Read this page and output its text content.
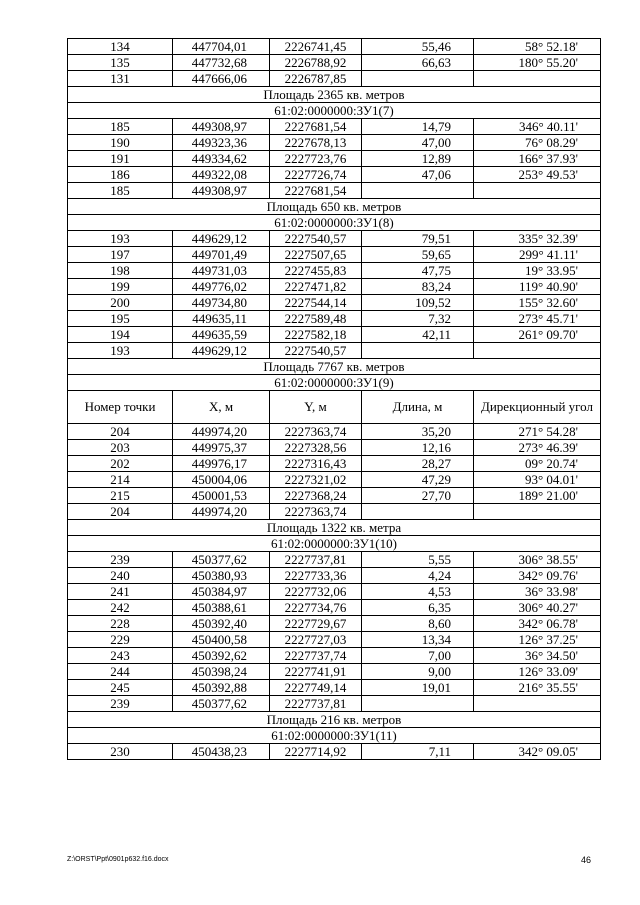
134	447704,01	2226741,45	55,46	58° 52.18'
135	447732,68	2226788,92	66,63	180° 55.20'
131	447666,06	2226787,85		
Площадь 2365 кв. метров				
61:02:0000000:ЗУ1(7)				
185	449308,97	2227681,54	14,79	346° 40.11'
190	449323,36	2227678,13	47,00	76° 08.29'
191	449334,62	2227723,76	12,89	166° 37.93'
186	449322,08	2227726,74	47,06	253° 49.53'
185	449308,97	2227681,54		
Площадь 650 кв. метров				
61:02:0000000:ЗУ1(8)				
193	449629,12	2227540,57	79,51	335° 32.39'
197	449701,49	2227507,65	59,65	299° 41.11'
198	449731,03	2227455,83	47,75	19° 33.95'
199	449776,02	2227471,82	83,24	119° 40.90'
200	449734,80	2227544,14	109,52	155° 32.60'
195	449635,11	2227589,48	7,32	273° 45.71'
194	449635,59	2227582,18	42,11	261° 09.70'
193	449629,12	2227540,57		
Площадь 7767 кв. метров				
61:02:0000000:ЗУ1(9)				
Номер точки	X, м	Y, м	Длина, м	Дирекционный угол
204	449974,20	2227363,74	35,20	271° 54.28'
203	449975,37	2227328,56	12,16	273° 46.39'
202	449976,17	2227316,43	28,27	09° 20.74'
214	450004,06	2227321,02	47,29	93° 04.01'
215	450001,53	2227368,24	27,70	189° 21.00'
204	449974,20	2227363,74		
Площадь 1322 кв. метра				
61:02:0000000:ЗУ1(10)				
239	450377,62	2227737,81	5,55	306° 38.55'
240	450380,93	2227733,36	4,24	342° 09.76'
241	450384,97	2227732,06	4,53	36° 33.98'
242	450388,61	2227734,76	6,35	306° 40.27'
228	450392,40	2227729,67	8,60	342° 06.78'
229	450400,58	2227727,03	13,34	126° 37.25'
243	450392,62	2227737,74	7,00	36° 34.50'
244	450398,24	2227741,91	9,00	126° 33.09'
245	450392,88	2227749,14	19,01	216° 35.55'
239	450377,62	2227737,81		
Площадь 216 кв. метров				
61:02:0000000:ЗУ1(11)				
230	450438,23	2227714,92	7,11	342° 09.05'
Z:\ORST\Ppt\0901p632.f16.docx	46
